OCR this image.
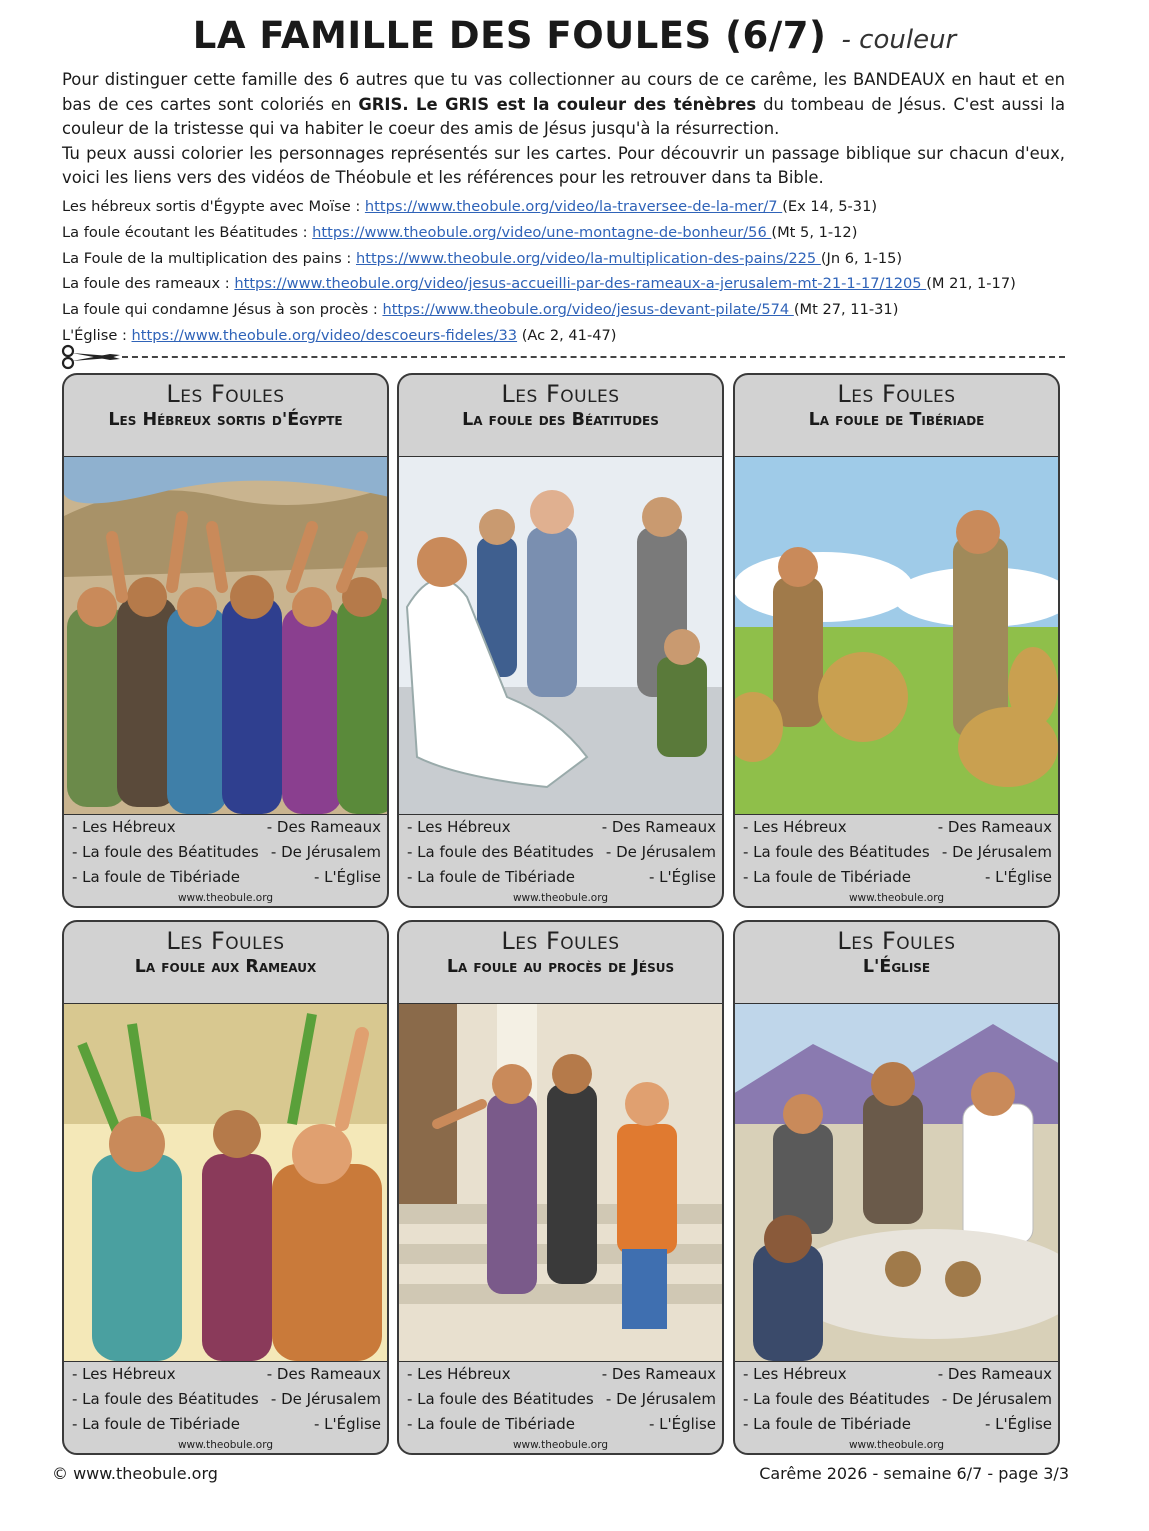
LA FAMILLE DES FOULES (6/7) - couleur

Pour distinguer cette famille des 6 autres que tu vas collectionner au cours de ce carême, les BANDEAUX en haut et en bas de ces cartes sont coloriés en GRIS. Le GRIS est la couleur des ténèbres du tombeau de Jésus. C'est aussi la couleur de la tristesse qui va habiter le coeur des amis de Jésus jusqu'à la résurrection.

Tu peux aussi colorier les personnages représentés sur les cartes. Pour découvrir un passage biblique sur chacun d'eux, voici les liens vers des vidéos de Théobule et les références pour les retrouver dans ta Bible.

Les hébreux sortis d'Égypte avec Moïse : https://www.theobule.org/video/la-traversee-de-la-mer/7 (Ex 14, 5-31)
La foule écoutant les Béatitudes : https://www.theobule.org/video/une-montagne-de-bonheur/56 (Mt 5, 1-12)
La Foule de la multiplication des pains : https://www.theobule.org/video/la-multiplication-des-pains/225 (Jn 6, 1-15)
La foule des rameaux : https://www.theobule.org/video/jesus-accueilli-par-des-rameaux-a-jerusalem-mt-21-1-17/1205 (M 21, 1-17)
La foule qui condamne Jésus à son procès : https://www.theobule.org/video/jesus-devant-pilate/574 (Mt 27, 11-31)
L'Église : https://www.theobule.org/video/descoeurs-fideles/33 (Ac 2, 41-47)
Les Foules
Les Hébreux sortis d'Égypte
- Les Hébreux
- La foule des Béatitudes
- La foule de Tibériade
- Des Rameaux
- De Jérusalem
- L'Église
www.theobule.org
Les Foules
La foule des Béatitudes
- Les Hébreux
- La foule des Béatitudes
- La foule de Tibériade
- Des Rameaux
- De Jérusalem
- L'Église
www.theobule.org
Les Foules
La foule de Tibériade
- Les Hébreux
- La foule des Béatitudes
- La foule de Tibériade
- Des Rameaux
- De Jérusalem
- L'Église
www.theobule.org
Les Foules
La foule aux Rameaux
- Les Hébreux
- La foule des Béatitudes
- La foule de Tibériade
- Des Rameaux
- De Jérusalem
- L'Église
www.theobule.org
Les Foules
La foule au procès de Jésus
- Les Hébreux
- La foule des Béatitudes
- La foule de Tibériade
- Des Rameaux
- De Jérusalem
- L'Église
www.theobule.org
Les Foules
L'Église
- Les Hébreux
- La foule des Béatitudes
- La foule de Tibériade
- Des Rameaux
- De Jérusalem
- L'Église
www.theobule.org
© www.theobule.org	Carême 2026 - semaine 6/7 - page 3/3
